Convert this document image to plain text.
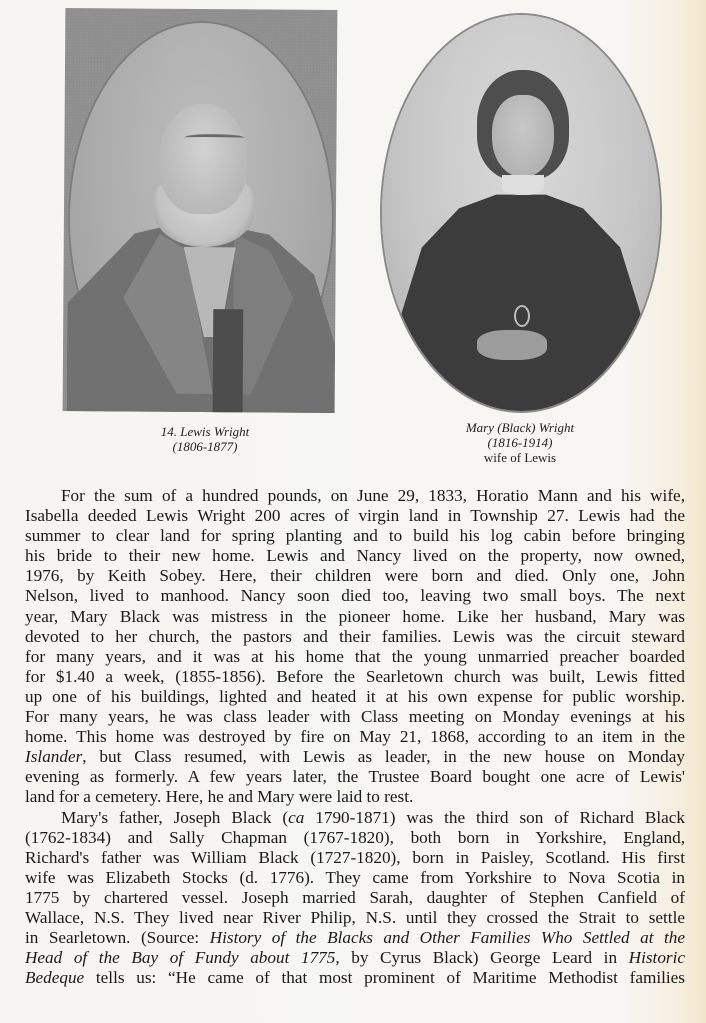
14. Lewis Wright
(1806-1877)
Mary (Black) Wright
(1816-1914)
wife of Lewis
For the sum of a hundred pounds, on June 29, 1833, Horatio Mann and his wife,
Isabella deeded Lewis Wright 200 acres of virgin land in Township 27. Lewis had the
summer to clear land for spring planting and to build his log cabin before bringing
his bride to their new home. Lewis and Nancy lived on the property, now owned,
1976, by Keith Sobey. Here, their children were born and died. Only one, John
Nelson, lived to manhood. Nancy soon died too, leaving two small boys. The next
year, Mary Black was mistress in the pioneer home. Like her husband, Mary was
devoted to her church, the pastors and their families. Lewis was the circuit steward
for many years, and it was at his home that the young unmarried preacher boarded
for $1.40 a week, (1855-1856). Before the Searletown church was built, Lewis fitted
up one of his buildings, lighted and heated it at his own expense for public worship.
For many years, he was class leader with Class meeting on Monday evenings at his
home. This home was destroyed by fire on May 21, 1868, according to an item in the
Islander, but Class resumed, with Lewis as leader, in the new house on Monday
evening as formerly. A few years later, the Trustee Board bought one acre of Lewis'
land for a cemetery. Here, he and Mary were laid to rest.
Mary's father, Joseph Black (ca 1790-1871) was the third son of Richard Black
(1762-1834) and Sally Chapman (1767-1820), both born in Yorkshire, England,
Richard's father was William Black (1727-1820), born in Paisley, Scotland. His first
wife was Elizabeth Stocks (d. 1776). They came from Yorkshire to Nova Scotia in
1775 by chartered vessel. Joseph married Sarah, daughter of Stephen Canfield of
Wallace, N.S. They lived near River Philip, N.S. until they crossed the Strait to settle
in Searletown. (Source: History of the Blacks and Other Families Who Settled at the
Head of the Bay of Fundy about 1775, by Cyrus Black) George Leard in Historic
Bedeque tells us: “He came of that most prominent of Maritime Methodist families
